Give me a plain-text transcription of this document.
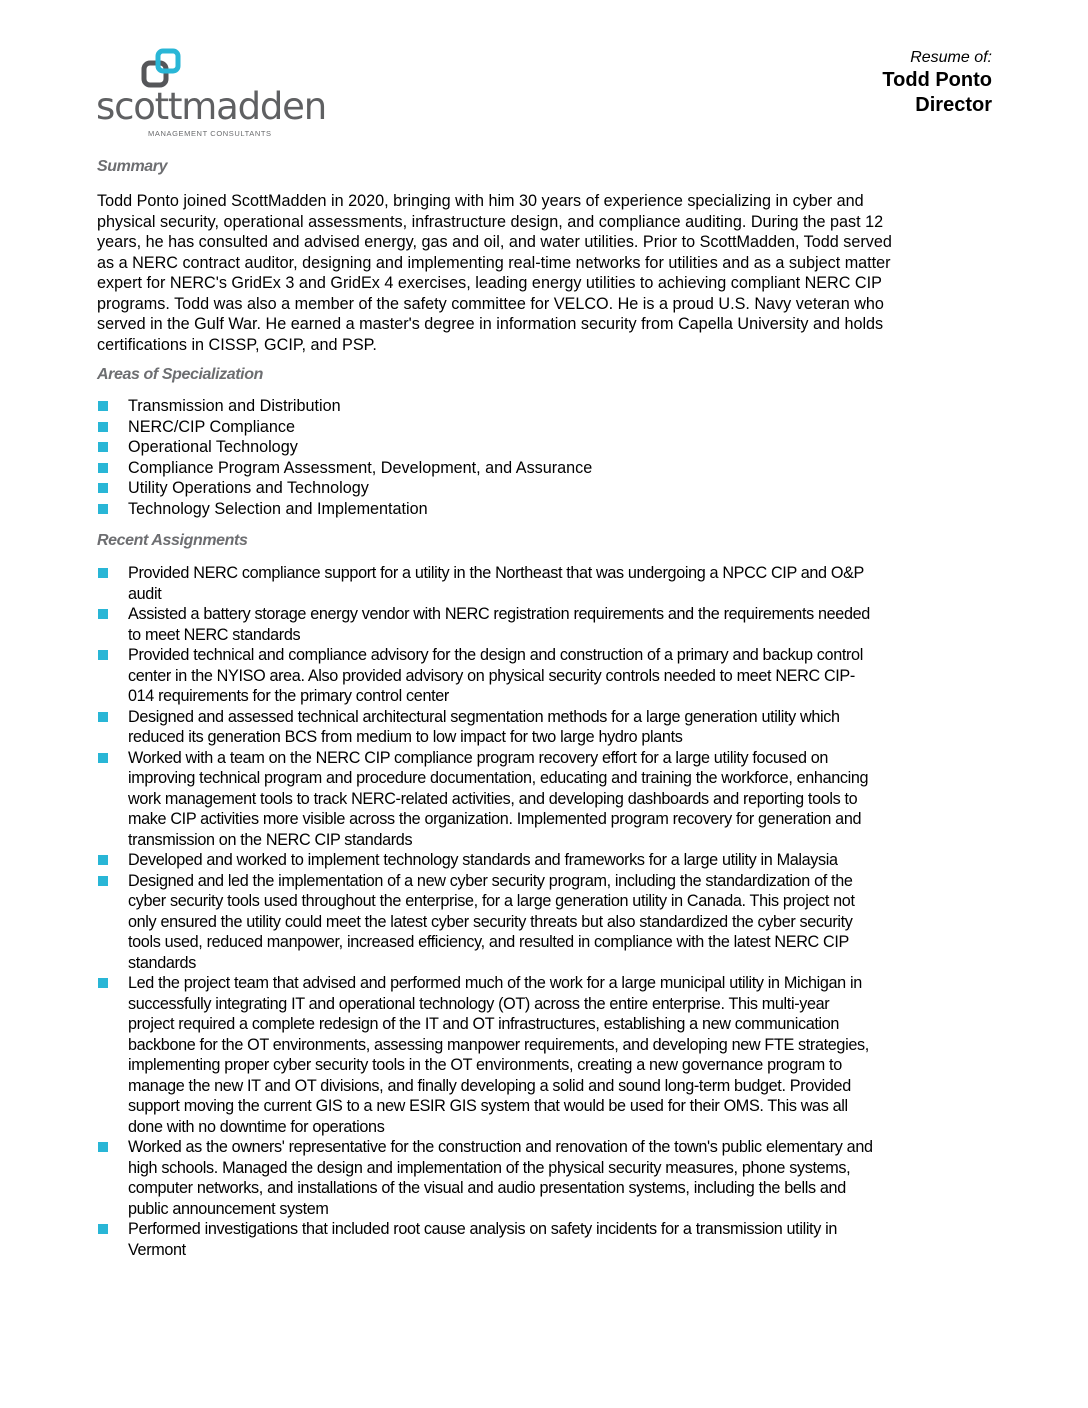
scottmadden
MANAGEMENT CONSULTANTS
Resume of:
Todd Ponto
Director
Summary
Todd Ponto joined ScottMadden in 2020, bringing with him 30 years of experience specializing in cyber and
physical security, operational assessments, infrastructure design, and compliance auditing. During the past 12
years, he has consulted and advised energy, gas and oil, and water utilities. Prior to ScottMadden, Todd served
as a NERC contract auditor, designing and implementing real-time networks for utilities and as a subject matter
expert for NERC's GridEx 3 and GridEx 4 exercises, leading energy utilities to achieving compliant NERC CIP
programs. Todd was also a member of the safety committee for VELCO. He is a proud U.S. Navy veteran who
served in the Gulf War. He earned a master's degree in information security from Capella University and holds
certifications in CISSP, GCIP, and PSP.
Areas of Specialization
Transmission and Distribution
NERC/CIP Compliance
Operational Technology
Compliance Program Assessment, Development, and Assurance
Utility Operations and Technology
Technology Selection and Implementation
Recent Assignments
Provided NERC compliance support for a utility in the Northeast that was undergoing a NPCC CIP and O&P
audit
Assisted a battery storage energy vendor with NERC registration requirements and the requirements needed
to meet NERC standards
Provided technical and compliance advisory for the design and construction of a primary and backup control
center in the NYISO area. Also provided advisory on physical security controls needed to meet NERC CIP-
014 requirements for the primary control center
Designed and assessed technical architectural segmentation methods for a large generation utility which
reduced its generation BCS from medium to low impact for two large hydro plants
Worked with a team on the NERC CIP compliance program recovery effort for a large utility focused on
improving technical program and procedure documentation, educating and training the workforce, enhancing
work management tools to track NERC-related activities, and developing dashboards and reporting tools to
make CIP activities more visible across the organization. Implemented program recovery for generation and
transmission on the NERC CIP standards
Developed and worked to implement technology standards and frameworks for a large utility in Malaysia
Designed and led the implementation of a new cyber security program, including the standardization of the
cyber security tools used throughout the enterprise, for a large generation utility in Canada. This project not
only ensured the utility could meet the latest cyber security threats but also standardized the cyber security
tools used, reduced manpower, increased efficiency, and resulted in compliance with the latest NERC CIP
standards
Led the project team that advised and performed much of the work for a large municipal utility in Michigan in
successfully integrating IT and operational technology (OT) across the entire enterprise. This multi-year
project required a complete redesign of the IT and OT infrastructures, establishing a new communication
backbone for the OT environments, assessing manpower requirements, and developing new FTE strategies,
implementing proper cyber security tools in the OT environments, creating a new governance program to
manage the new IT and OT divisions, and finally developing a solid and sound long-term budget. Provided
support moving the current GIS to a new ESIR GIS system that would be used for their OMS. This was all
done with no downtime for operations
Worked as the owners' representative for the construction and renovation of the town's public elementary and
high schools. Managed the design and implementation of the physical security measures, phone systems,
computer networks, and installations of the visual and audio presentation systems, including the bells and
public announcement system
Performed investigations that included root cause analysis on safety incidents for a transmission utility in
Vermont
